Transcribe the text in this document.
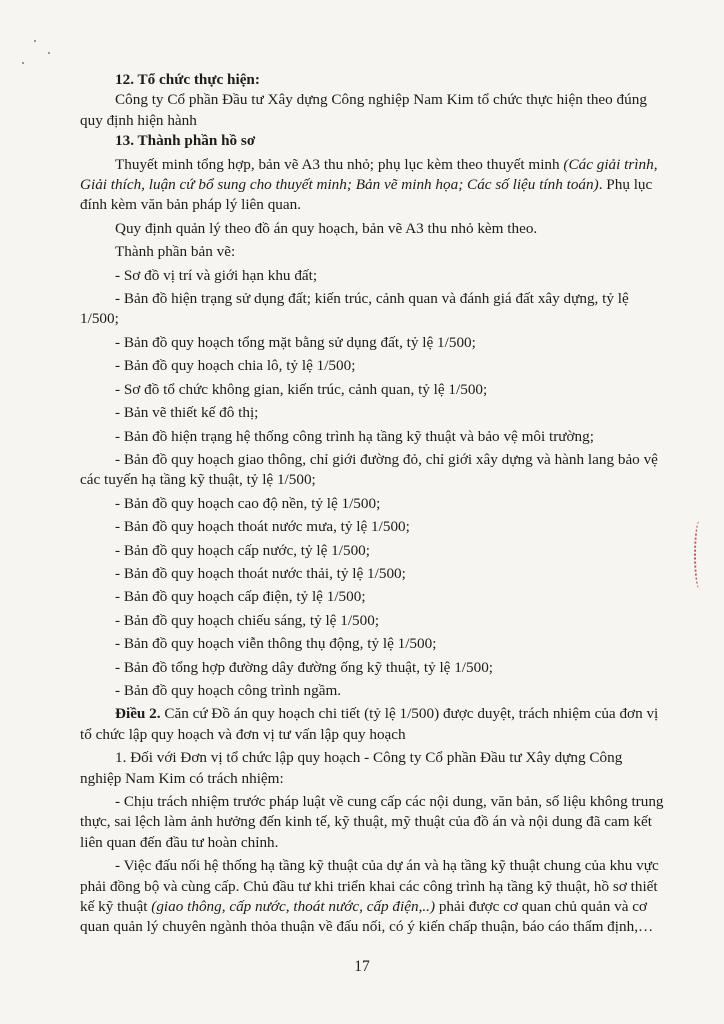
12. Tổ chức thực hiện:

Công ty Cổ phần Đầu tư Xây dựng Công nghiệp Nam Kim tổ chức thực hiện theo đúng quy định hiện hành

13. Thành phần hồ sơ

Thuyết minh tổng hợp, bản vẽ A3 thu nhỏ; phụ lục kèm theo thuyết minh (Các giải trình, Giải thích, luận cứ bổ sung cho thuyết minh; Bản vẽ minh họa; Các số liệu tính toán). Phụ lục đính kèm văn bản pháp lý liên quan.

Quy định quản lý theo đồ án quy hoạch, bản vẽ A3 thu nhỏ kèm theo.

Thành phần bản vẽ:

- Sơ đồ vị trí và giới hạn khu đất;

- Bản đồ hiện trạng sử dụng đất; kiến trúc, cảnh quan và đánh giá đất xây dựng, tỷ lệ 1/500;

- Bản đồ quy hoạch tổng mặt bằng sử dụng đất, tỷ lệ 1/500;

- Bản đồ quy hoạch chia lô, tỷ lệ 1/500;

- Sơ đồ tổ chức không gian, kiến trúc, cảnh quan, tỷ lệ 1/500;

- Bản vẽ thiết kế đô thị;

- Bản đồ hiện trạng hệ thống công trình hạ tầng kỹ thuật và bảo vệ môi trường;

- Bản đồ quy hoạch giao thông, chỉ giới đường đỏ, chỉ giới xây dựng và hành lang bảo vệ các tuyến hạ tầng kỹ thuật, tỷ lệ 1/500;

- Bản đồ quy hoạch cao độ nền, tỷ lệ 1/500;

- Bản đồ quy hoạch thoát nước mưa, tỷ lệ 1/500;

- Bản đồ quy hoạch cấp nước, tỷ lệ 1/500;

- Bản đồ quy hoạch thoát nước thải, tỷ lệ 1/500;

- Bản đồ quy hoạch cấp điện, tỷ lệ 1/500;

- Bản đồ quy hoạch chiếu sáng, tỷ lệ 1/500;

- Bản đồ quy hoạch viễn thông thụ động, tỷ lệ 1/500;

- Bản đồ tổng hợp đường dây đường ống kỹ thuật, tỷ lệ 1/500;

- Bản đồ quy hoạch công trình ngầm.

Điều 2. Căn cứ Đồ án quy hoạch chi tiết (tỷ lệ 1/500) được duyệt, trách nhiệm của đơn vị tổ chức lập quy hoạch và đơn vị tư vấn lập quy hoạch

1. Đối với Đơn vị tổ chức lập quy hoạch - Công ty Cổ phần Đầu tư Xây dựng Công nghiệp Nam Kim có trách nhiệm:

- Chịu trách nhiệm trước pháp luật về cung cấp các nội dung, văn bản, số liệu không trung thực, sai lệch làm ảnh hưởng đến kinh tế, kỹ thuật, mỹ thuật của đồ án và nội dung đã cam kết liên quan đến đầu tư hoàn chỉnh.

- Việc đấu nối hệ thống hạ tầng kỹ thuật của dự án và hạ tầng kỹ thuật chung của khu vực phải đồng bộ và cùng cấp. Chủ đầu tư khi triển khai các công trình hạ tầng kỹ thuật, hồ sơ thiết kế kỹ thuật (giao thông, cấp nước, thoát nước, cấp điện,..) phải được cơ quan chủ quản và cơ quan quản lý chuyên ngành thỏa thuận về đấu nối, có ý kiến chấp thuận, báo cáo thẩm định,…

17
